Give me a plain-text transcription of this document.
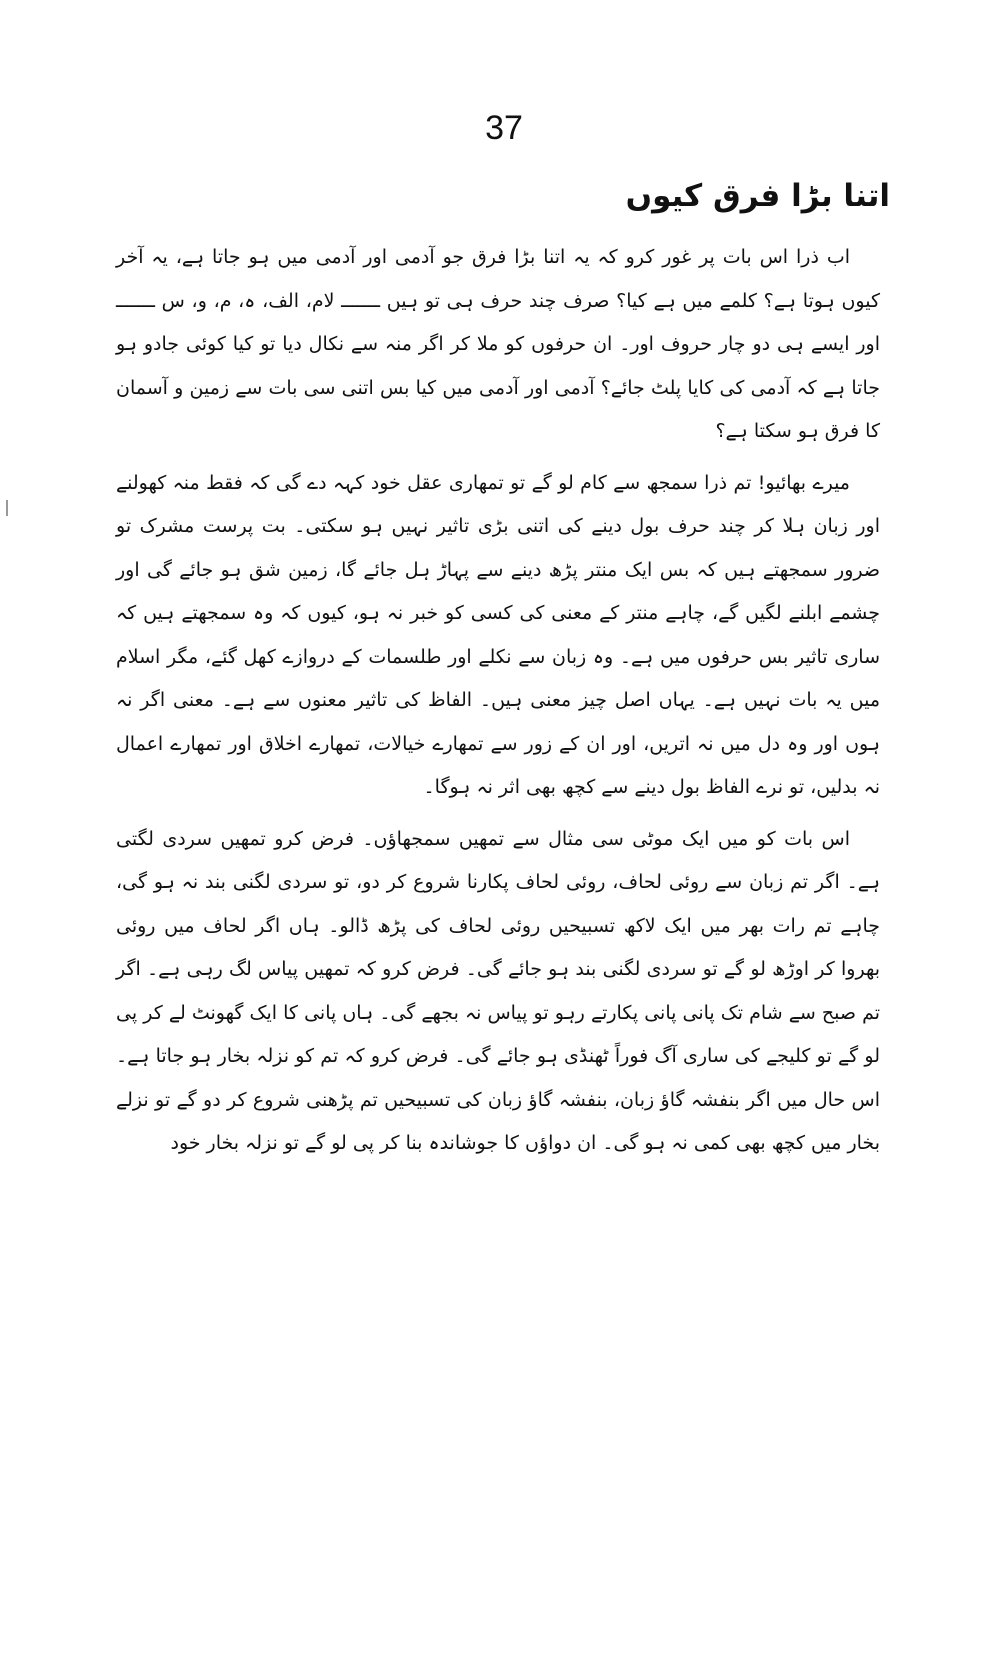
37

اتنا بڑا فرق کیوں

اب ذرا اس بات پر غور کرو کہ یہ اتنا بڑا فرق جو آدمی اور آدمی میں ہو جاتا ہے، یہ آخر کیوں ہوتا ہے؟ کلمے میں ہے کیا؟ صرف چند حرف ہی تو ہیں ـــــــ لام، الف، ہ، م، و، س ـــــــ اور ایسے ہی دو چار حروف اور۔ ان حرفوں کو ملا کر اگر منہ سے نکال دیا تو کیا کوئی جادو ہو جاتا ہے کہ آدمی کی کایا پلٹ جائے؟ آدمی اور آدمی میں کیا بس اتنی سی بات سے زمین و آسمان کا فرق ہو سکتا ہے؟

میرے بھائیو! تم ذرا سمجھ سے کام لو گے تو تمھاری عقل خود کہہ دے گی کہ فقط منہ کھولنے اور زبان ہلا کر چند حرف بول دینے کی اتنی بڑی تاثیر نہیں ہو سکتی۔ بت پرست مشرک تو ضرور سمجھتے ہیں کہ بس ایک منتر پڑھ دینے سے پہاڑ ہل جائے گا، زمین شق ہو جائے گی اور چشمے ابلنے لگیں گے، چاہے منتر کے معنی کی کسی کو خبر نہ ہو، کیوں کہ وہ سمجھتے ہیں کہ ساری تاثیر بس حرفوں میں ہے۔ وہ زبان سے نکلے اور طلسمات کے دروازے کھل گئے، مگر اسلام میں یہ بات نہیں ہے۔ یہاں اصل چیز معنی ہیں۔ الفاظ کی تاثیر معنوں سے ہے۔ معنی اگر نہ ہوں اور وہ دل میں نہ اتریں، اور ان کے زور سے تمھارے خیالات، تمھارے اخلاق اور تمھارے اعمال نہ بدلیں، تو نرے الفاظ بول دینے سے کچھ بھی اثر نہ ہوگا۔

اس بات کو میں ایک موٹی سی مثال سے تمھیں سمجھاؤں۔ فرض کرو تمھیں سردی لگتی ہے۔ اگر تم زبان سے روئی لحاف، روئی لحاف پکارنا شروع کر دو، تو سردی لگنی بند نہ ہو گی، چاہے تم رات بھر میں ایک لاکھ تسبیحیں روئی لحاف کی پڑھ ڈالو۔ ہاں اگر لحاف میں روئی بھروا کر اوڑھ لو گے تو سردی لگنی بند ہو جائے گی۔ فرض کرو کہ تمھیں پیاس لگ رہی ہے۔ اگر تم صبح سے شام تک پانی پانی پکارتے رہو تو پیاس نہ بجھے گی۔ ہاں پانی کا ایک گھونٹ لے کر پی لو گے تو کلیجے کی ساری آگ فوراً ٹھنڈی ہو جائے گی۔ فرض کرو کہ تم کو نزلہ بخار ہو جاتا ہے۔ اس حال میں اگر بنفشہ گاؤ زبان، بنفشہ گاؤ زبان کی تسبیحیں تم پڑھنی شروع کر دو گے تو نزلے بخار میں کچھ بھی کمی نہ ہو گی۔ ان دواؤں کا جوشاندہ بنا کر پی لو گے تو نزلہ بخار خود
